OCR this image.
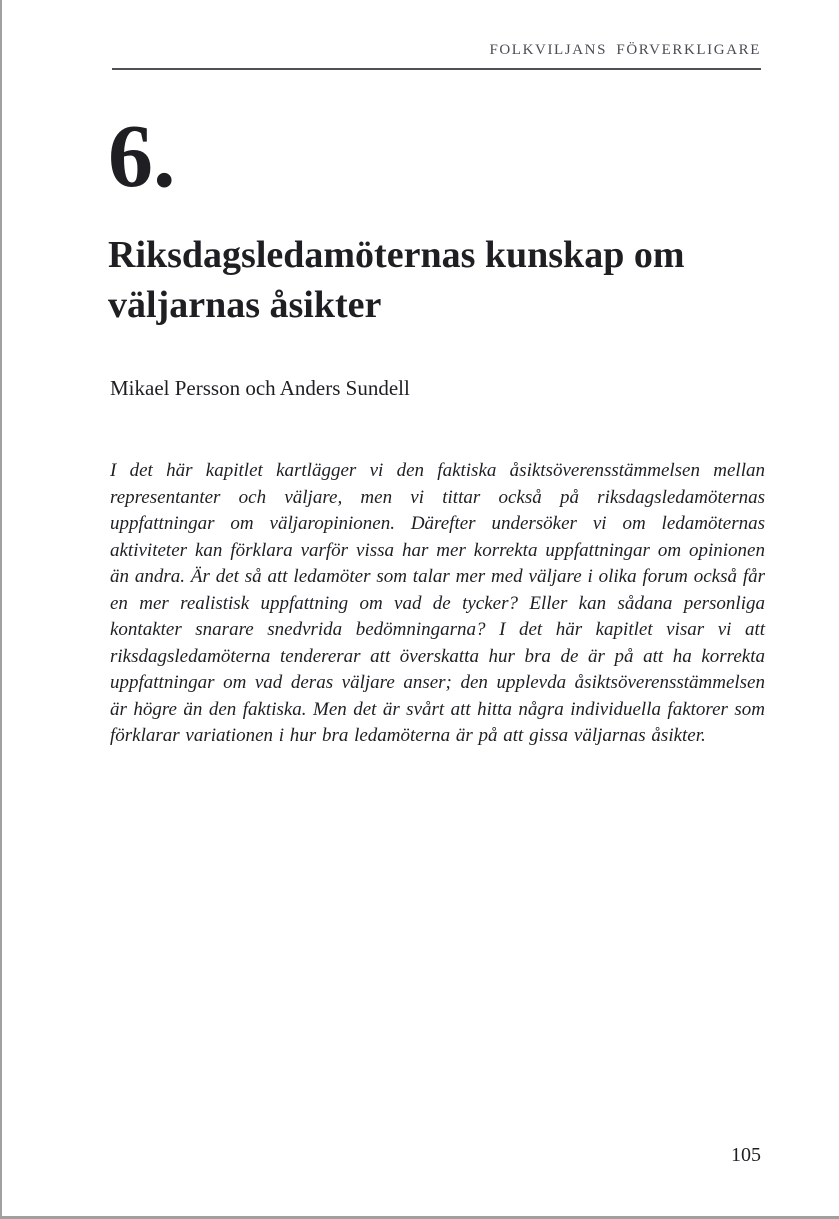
FOLKVILJANS FÖRVERKLIGARE
6.
Riksdagsledamöternas kunskap om
väljarnas åsikter
Mikael Persson och Anders Sundell
I det här kapitlet kartlägger vi den faktiska åsiktsöverensstämmelsen mellan representanter och väljare, men vi tittar också på riksdagsledamöternas uppfattningar om väljaropinionen. Därefter undersöker vi om ledamöternas aktiviteter kan förklara varför vissa har mer korrekta uppfattningar om opinionen än andra. Är det så att ledamöter som talar mer med väljare i olika forum också får en mer realistisk uppfattning om vad de tycker? Eller kan sådana personliga kontakter snarare snedvrida bedömningarna? I det här kapitlet visar vi att riksdagsledamöterna tendererar att överskatta hur bra de är på att ha korrekta uppfattningar om vad deras väljare anser; den upplevda åsiktsöverensstämmelsen är högre än den faktiska. Men det är svårt att hitta några individuella faktorer som förklarar variationen i hur bra ledamöterna är på att gissa väljarnas åsikter.
105
